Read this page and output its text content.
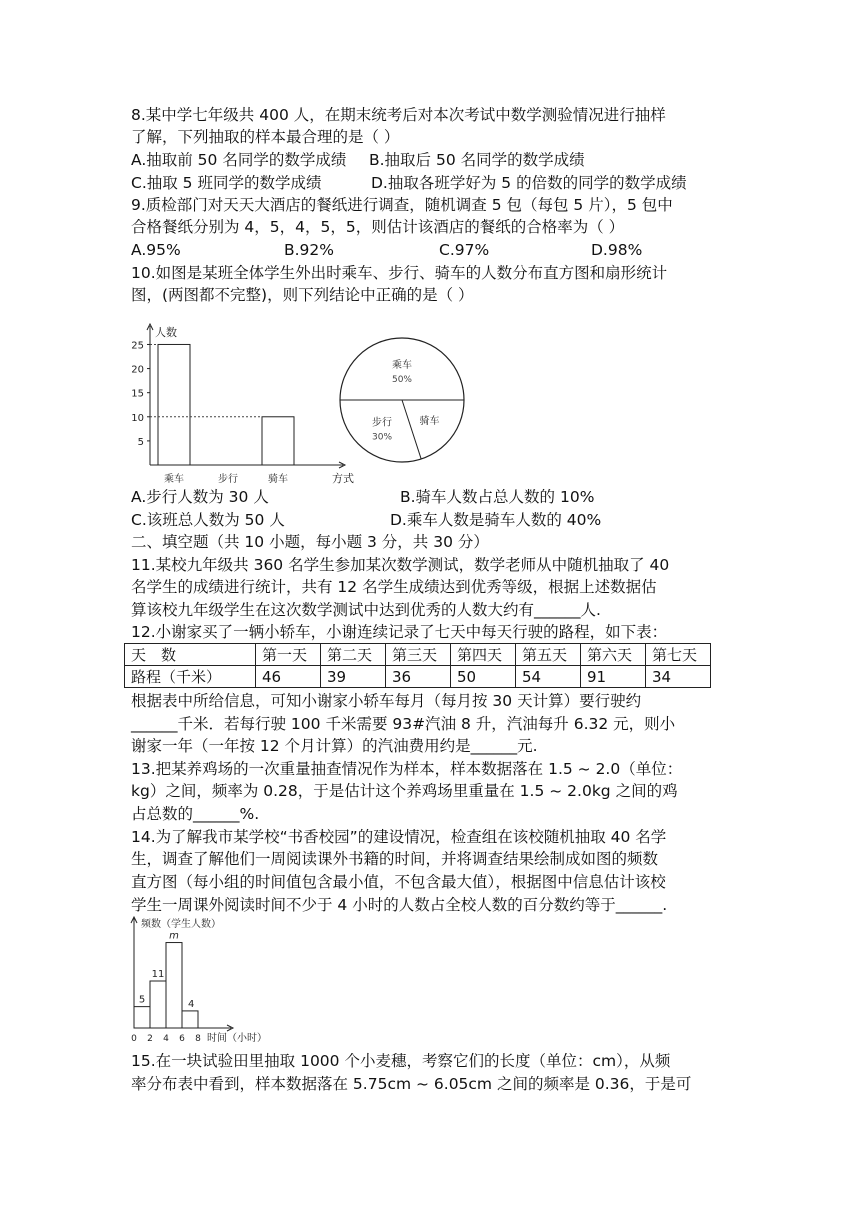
8.某中学七年级共 400 人，在期末统考后对本次考试中数学测验情况进行抽样
了解，下列抽取的样本最合理的是（ ）
A.抽取前 50 名同学的数学成绩 B.抽取后 50 名同学的数学成绩
C.抽取 5 班同学的数学成绩	D.抽取各班学好为 5 的倍数的同学的数学成绩
9.质检部门对天天大酒店的餐纸进行调查，随机调查 5 包（每包 5 片），5 包中
合格餐纸分别为 4，5，4，5，5，则估计该酒店的餐纸的合格率为（ ）
A.95%	B.92%	C.97%	D.98%
10.如图是某班全体学生外出时乘车、步行、骑车的人数分布直方图和扇形统计
图，(两图都不完整)，则下列结论中正确的是（ ）
人数
方式
5
10
15
20
25
乘车	步行	骑车
乘车
50%
骑车
步行
30%
A.步行人数为 30 人	B.骑车人数占总人数的 10%
C.该班总人数为 50 人	D.乘车人数是骑车人数的 40%
二、填空题（共 10 小题，每小题 3 分，共 30 分）
11.某校九年级共 360 名学生参加某次数学测试，数学老师从中随机抽取了 40
名学生的成绩进行统计，共有 12 名学生成绩达到优秀等级，根据上述数据估
算该校九年级学生在这次数学测试中达到优秀的人数大约有______人.
12.小谢家买了一辆小轿车，小谢连续记录了七天中每天行驶的路程，如下表：
天　数	第一天	第二天	第三天	第四天	第五天	第六天	第七天
路程（千米）	46	39	36	50	54	91	34
根据表中所给信息，可知小谢家小轿车每月（每月按 30 天计算）要行驶约
______千米．若每行驶 100 千米需要 93#汽油 8 升，汽油每升 6.32 元，则小
谢家一年（一年按 12 个月计算）的汽油费用约是______元.
13.把某养鸡场的一次重量抽查情况作为样本，样本数据落在 1.5 ~ 2.0（单位：
kg）之间，频率为 0.28，于是估计这个养鸡场里重量在 1.5 ~ 2.0kg 之间的鸡
占总数的______%.
14.为了解我市某学校“书香校园”的建设情况，检查组在该校随机抽取 40 名学
生，调查了解他们一周阅读课外书籍的时间，并将调查结果绘制成如图的频数
直方图（每小组的时间值包含最小值，不包含最大值），根据图中信息估计该校
学生一周课外阅读时间不少于 4 小时的人数占全校人数的百分数约等于______.
频数（学生人数）
时间（小时）
0 2 4 6 8
5
11
m
4
15.在一块试验田里抽取 1000 个小麦穗，考察它们的长度（单位：cm），从频
率分布表中看到，样本数据落在 5.75cm ~ 6.05cm 之间的频率是 0.36，于是可
